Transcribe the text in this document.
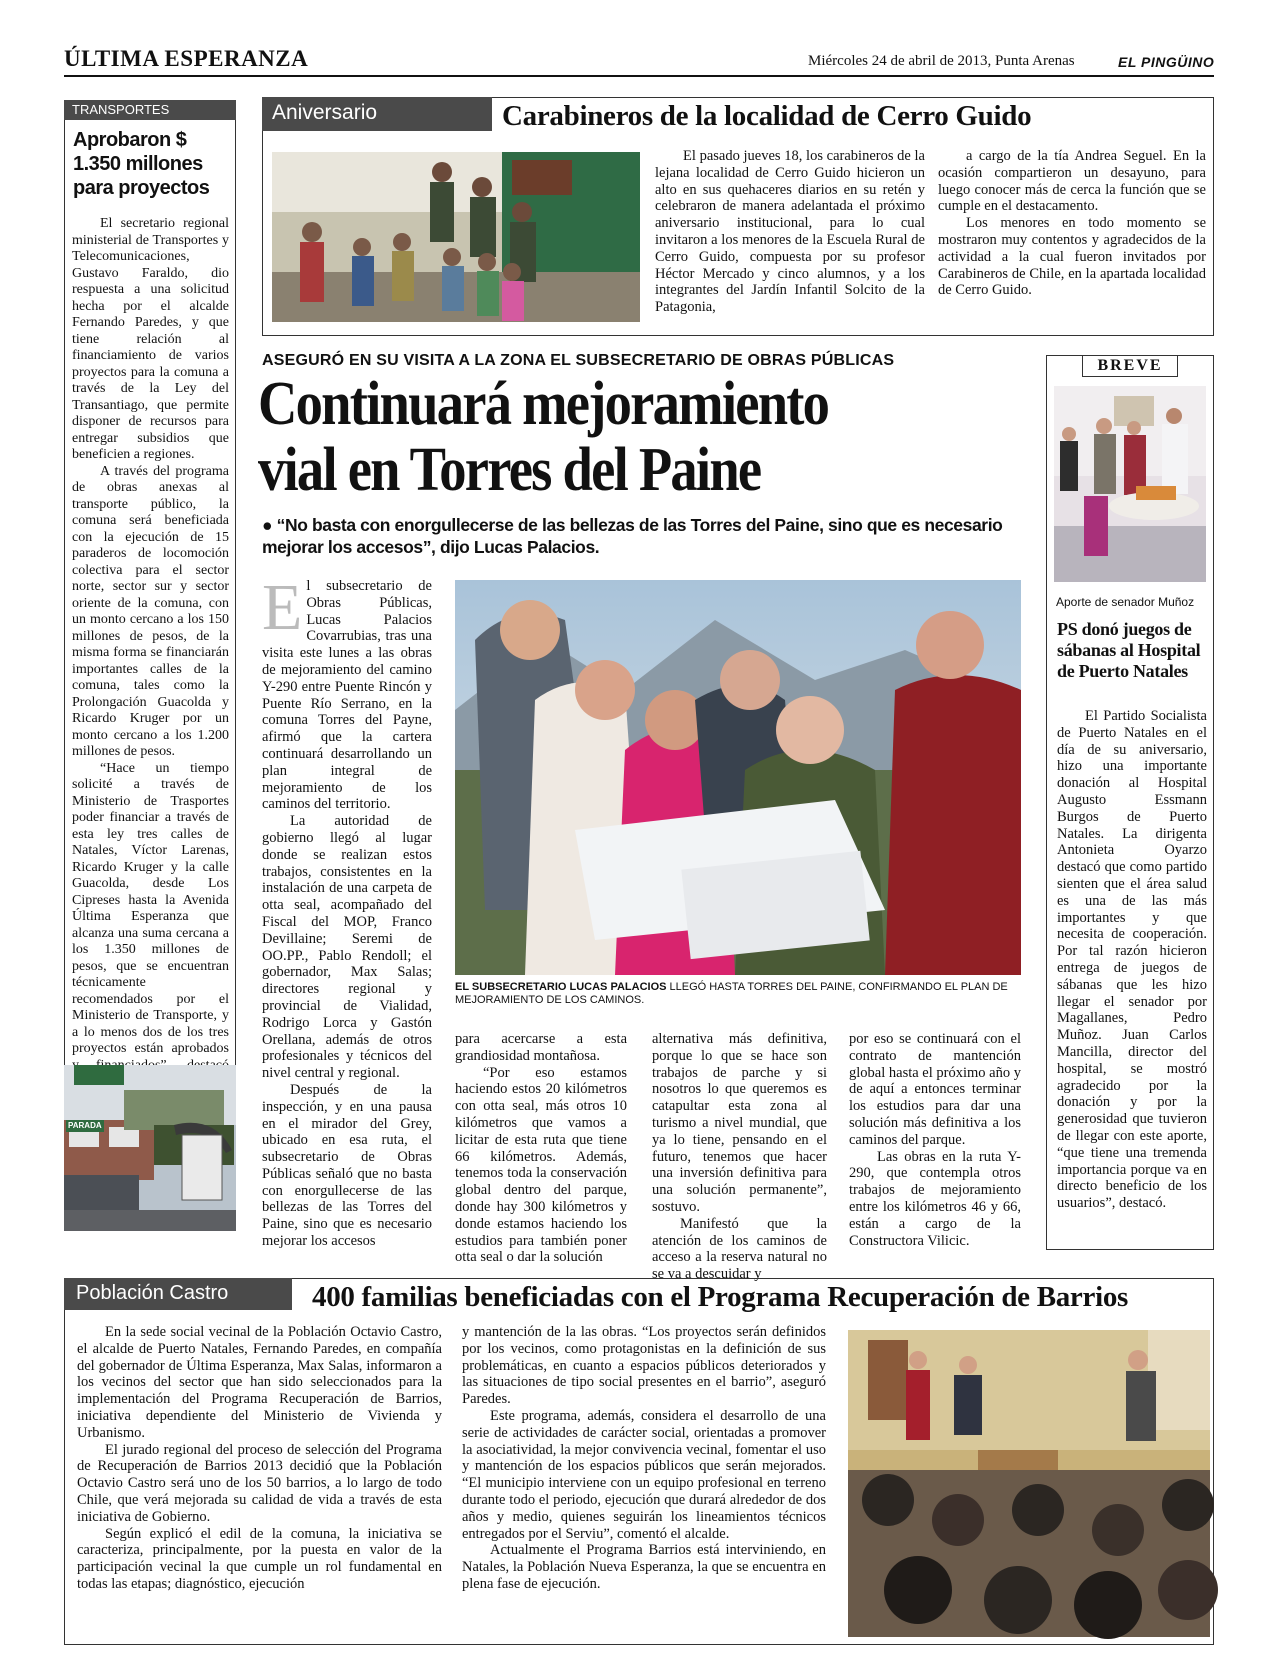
ÚLTIMA ESPERANZA	Miércoles 24 de abril de 2013, Punta Arenas	EL PINGÜINO
TRANSPORTES
Aprobaron $ 1.350 millones para proyectos

El secretario regional ministerial de Transportes y Telecomunicaciones, Gustavo Faraldo, dio respuesta a una solicitud hecha por el alcalde Fernando Paredes, y que tiene relación al financiamiento de varios proyectos para la comuna a través de la Ley del Transantiago, que permite disponer de recursos para entregar subsidios que beneficien a regiones.

A través del programa de obras anexas al transporte público, la comuna será beneficiada con la ejecución de 15 paraderos de locomoción colectiva para el sector norte, sector sur y sector oriente de la comuna, con un monto cercano a los 150 millones de pesos, de la misma forma se financiarán importantes calles de la comuna, tales como la Prolongación Guacolda y Ricardo Kruger por un monto cercano a los 1.200 millones de pesos.

“Hace un tiempo solicité a través de Ministerio de Trasportes poder financiar a través de esta ley tres calles de Natales, Víctor Larenas, Ricardo Kruger y la calle Guacolda, desde Los Cipreses hasta la Avenida Última Esperanza que alcanza una suma cercana a los 1.350 millones de pesos, que se encuentran técnicamente recomendados por el Ministerio de Transporte, y a lo menos dos de los tres proyectos están aprobados

PARADA
Aniversario	Carabineros de la localidad de Cerro Guido

El pasado jueves 18, los carabineros de la lejana localidad de Cerro Guido hicieron un alto en sus quehaceres diarios en su retén y celebraron de manera adelantada el próximo aniversario institucional, para lo cual invitaron a los menores de la Escuela Rural de Cerro Guido, compuesta por su profesor Héctor Mercado y cinco alumnos, y a los integrantes del Jardín Infantil Solcito de la Patagonia,

a cargo de la tía Andrea Seguel. En la ocasión compartieron un desayuno, para luego conocer más de cerca la función que se cumple en el destacamento.

Los menores en todo momento se mostraron muy contentos y agradecidos de la actividad a la cual fueron invitados por Carabineros de Chile, en la apartada localidad de Cerro Guido.

ASEGURÓ EN SU VISITA A LA ZONA EL SUBSECRETARIO DE OBRAS PÚBLICAS
Continuará mejoramiento
vial en Torres del Paine
● “No basta con enorgullecerse de las bellezas de las Torres del Paine, sino que es necesario mejorar los accesos”, dijo Lucas Palacios.
E l subsecretario de Obras Públicas, Lucas Palacios Covarrubias, tras una visita este lunes a las obras de mejoramiento del camino Y-290 entre Puente Rincón y Puente Río Serrano, en la comuna Torres del Payne, afirmó que la cartera continuará desarrollando un plan integral de mejoramiento de los caminos del territorio.

La autoridad de gobierno llegó al lugar donde se realizan estos trabajos, consistentes en la instalación de una carpeta de otta seal, acompañado del Fiscal del MOP, Franco Devillaine; Seremi de OO.PP., Pablo Rendoll; el gobernador, Max Salas; directores regional y provincial de Vialidad, Rodrigo Lorca y Gastón Orellana, además de otros profesionales y técnicos del nivel central y regional.

Después de la inspección, y en una pausa en el mirador del Grey, ubicado en esa ruta, el subsecretario de Obras Públicas señaló que no basta con enorgullecerse de las bellezas de las Torres del Paine, sino que es necesario mejorar los accesos

EL SUBSECRETARIO LUCAS PALACIOS LLEGÓ HASTA TORRES DEL PAINE, CONFIRMANDO EL PLAN DE MEJORAMIENTO DE LOS CAMINOS.

para acercarse a esta grandiosidad montañosa.

“Por eso estamos haciendo estos 20 kilómetros con otta seal, más otros 10 kilómetros que vamos a licitar de esta ruta que tiene 66 kilómetros. Además, tenemos toda la conservación global dentro del parque, donde hay 300 kilómetros y donde estamos haciendo los estudios para también poner otta seal o dar la solución

alternativa más definitiva, porque lo que se hace son trabajos de parche y si nosotros lo que queremos es catapultar esta zona al turismo a nivel mundial, que ya lo tiene, pensando en el futuro, tenemos que hacer una inversión definitiva para una solución permanente”, sostuvo.

Manifestó que la atención de los caminos de acceso a la reserva natural no se va a descuidar y

por eso se continuará con el contrato de mantención global hasta el próximo año y de aquí a entonces terminar los estudios para dar una solución más definitiva a los caminos del parque.

Las obras en la ruta Y-290, que contempla otros trabajos de mejoramiento entre los kilómetros 46 y 66, están a cargo de la Constructora Vilicic.

BREVE
Aporte de senador Muñoz
PS donó juegos de sábanas al Hospital de Puerto Natales

El Partido Socialista de Puerto Natales en el día de su aniversario, hizo una importante donación al Hospital Augusto Essmann Burgos de Puerto Natales. La dirigenta Antonieta Oyarzo destacó que como partido sienten que el área salud es una de las más importantes y que necesita de cooperación. Por tal razón hicieron entrega de juegos de sábanas que les hizo llegar el senador por Magallanes, Pedro Muñoz. Juan Carlos Mancilla, director del hospital, se mostró agradecido por la donación y por la generosidad que tuvieron de llegar con este aporte, “que tiene una tremenda importancia porque va en directo beneficio de los usuarios”, destacó.

Población Castro	400 familias beneficiadas con el Programa Recuperación de Barrios

En la sede social vecinal de la Población Octavio Castro, el alcalde de Puerto Natales, Fernando Paredes, en compañía del gobernador de Última Esperanza, Max Salas, informaron a los vecinos del sector que han sido seleccionados para la implementación del Programa Recuperación de Barrios, iniciativa dependiente del Ministerio de Vivienda y Urbanismo.

El jurado regional del proceso de selección del Programa de Recuperación de Barrios 2013 decidió que la Población Octavio Castro será uno de los 50 barrios, a lo largo de todo Chile, que verá mejorada su calidad de vida a través de esta iniciativa de Gobierno.

Según explicó el edil de la comuna, la iniciativa se caracteriza, principalmente, por la puesta en valor de la participación vecinal la que cumple un rol fundamental en todas las etapas; diagnóstico, ejecución

y mantención de la las obras. “Los proyectos serán definidos por los vecinos, como protagonistas en la definición de sus problemáticas, en cuanto a espacios públicos deteriorados y las situaciones de tipo social presentes en el barrio”, aseguró Paredes.

Este programa, además, considera el desarrollo de una serie de actividades de carácter social, orientadas a promover la asociatividad, la mejor convivencia vecinal, fomentar el uso y mantención de los espacios públicos que serán mejorados. “El municipio interviene con un equipo profesional en terreno durante todo el periodo, ejecución que durará alrededor de dos años y medio, quienes seguirán los lineamientos técnicos entregados por el Serviu”, comentó el alcalde.

Actualmente el Programa Barrios está interviniendo, en Natales, la Población Nueva Esperanza, la que se encuentra en plena fase de ejecución.
